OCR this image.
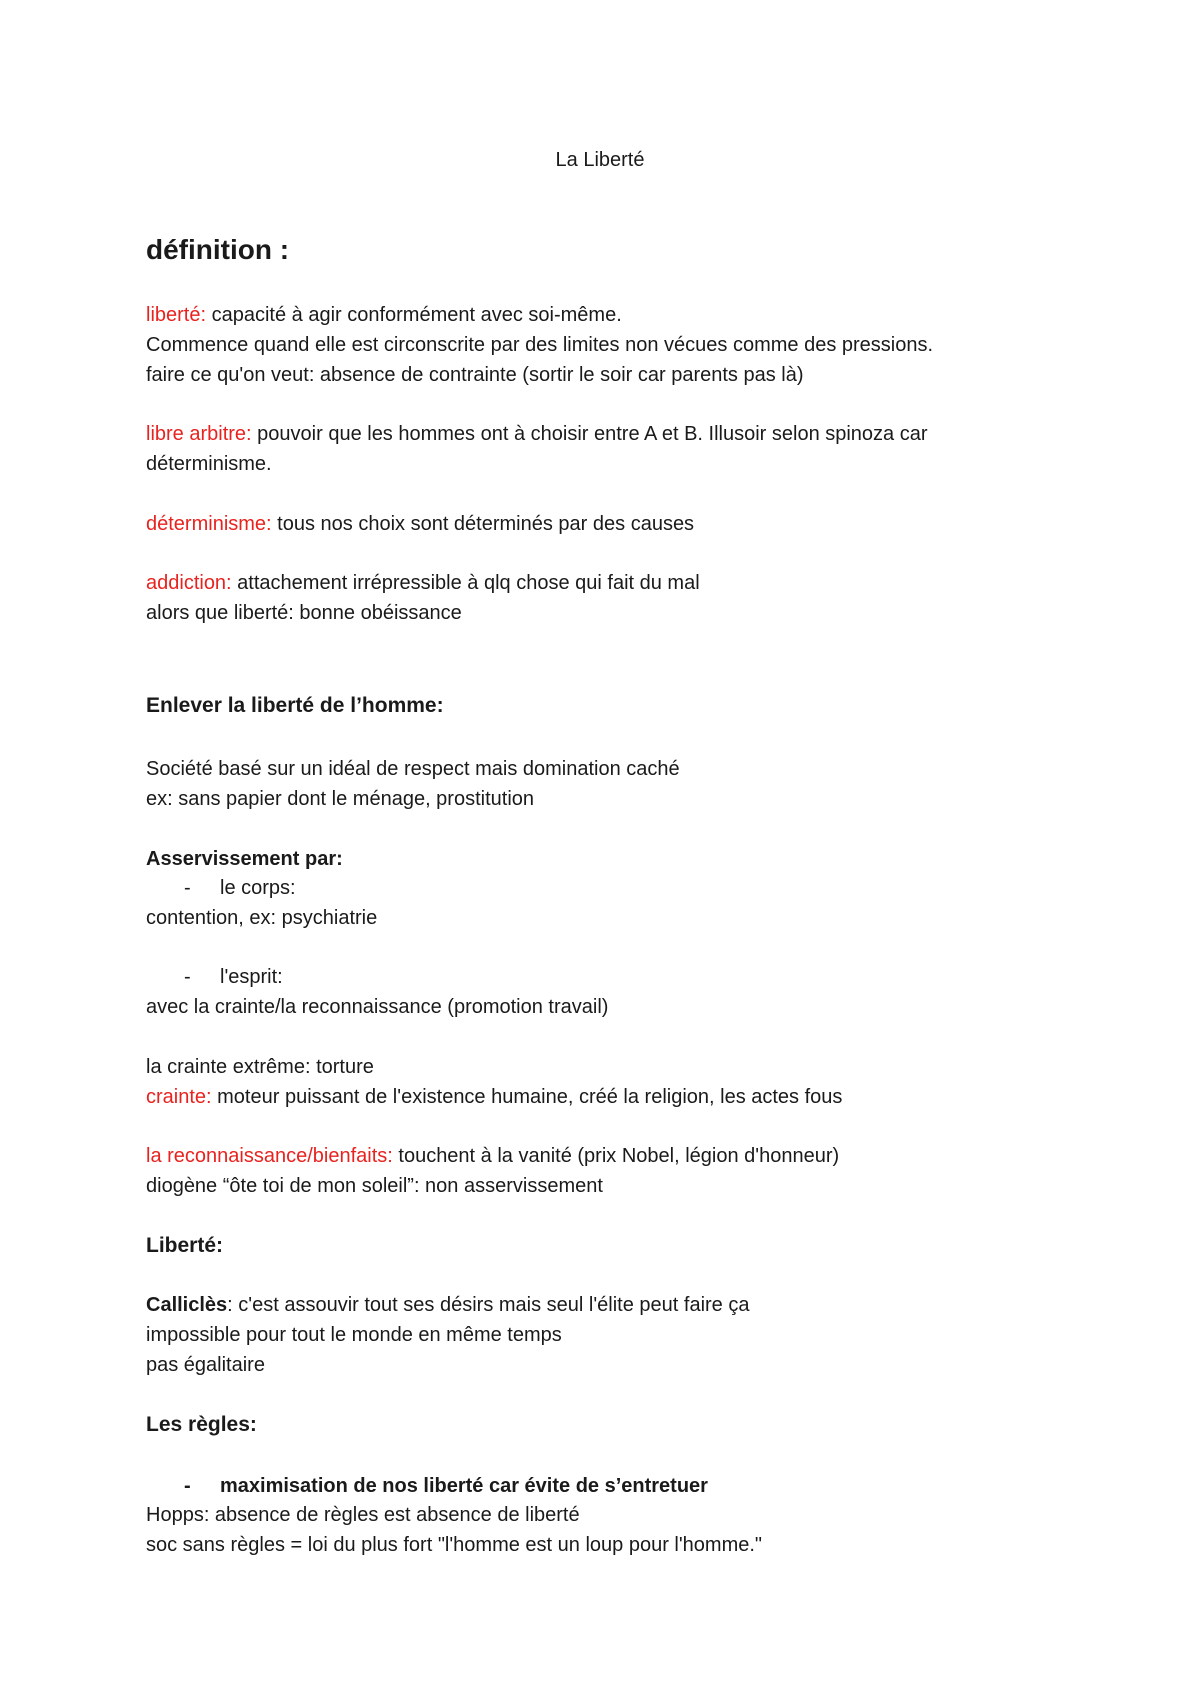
La Liberté
définition :
liberté: capacité à agir conformément avec soi-même.
Commence quand elle est circonscrite par des limites non vécues comme des pressions.
faire ce qu'on veut: absence de contrainte (sortir le soir car parents pas là)
libre arbitre: pouvoir que les hommes ont à choisir entre A et B. Illusoir selon spinoza car
déterminisme.
déterminisme: tous nos choix sont déterminés par des causes
addiction: attachement irrépressible à qlq chose qui fait du mal
alors que liberté: bonne obéissance
Enlever la liberté de l’homme:
Société basé sur un idéal de respect mais domination caché
ex: sans papier dont le ménage, prostitution
Asservissement par:
- le corps:
contention, ex: psychiatrie
- l'esprit:
avec la crainte/la reconnaissance (promotion travail)
la crainte extrême: torture
crainte: moteur puissant de l'existence humaine, créé la religion, les actes fous
la reconnaissance/bienfaits: touchent à la vanité (prix Nobel, légion d'honneur)
diogène “ôte toi de mon soleil”: non asservissement
Liberté:
Calliclès: c'est assouvir tout ses désirs mais seul l'élite peut faire ça
impossible pour tout le monde en même temps
pas égalitaire
Les règles:
- maximisation de nos liberté car évite de s’entretuer
Hopps: absence de règles est absence de liberté
soc sans règles = loi du plus fort "l'homme est un loup pour l'homme."
